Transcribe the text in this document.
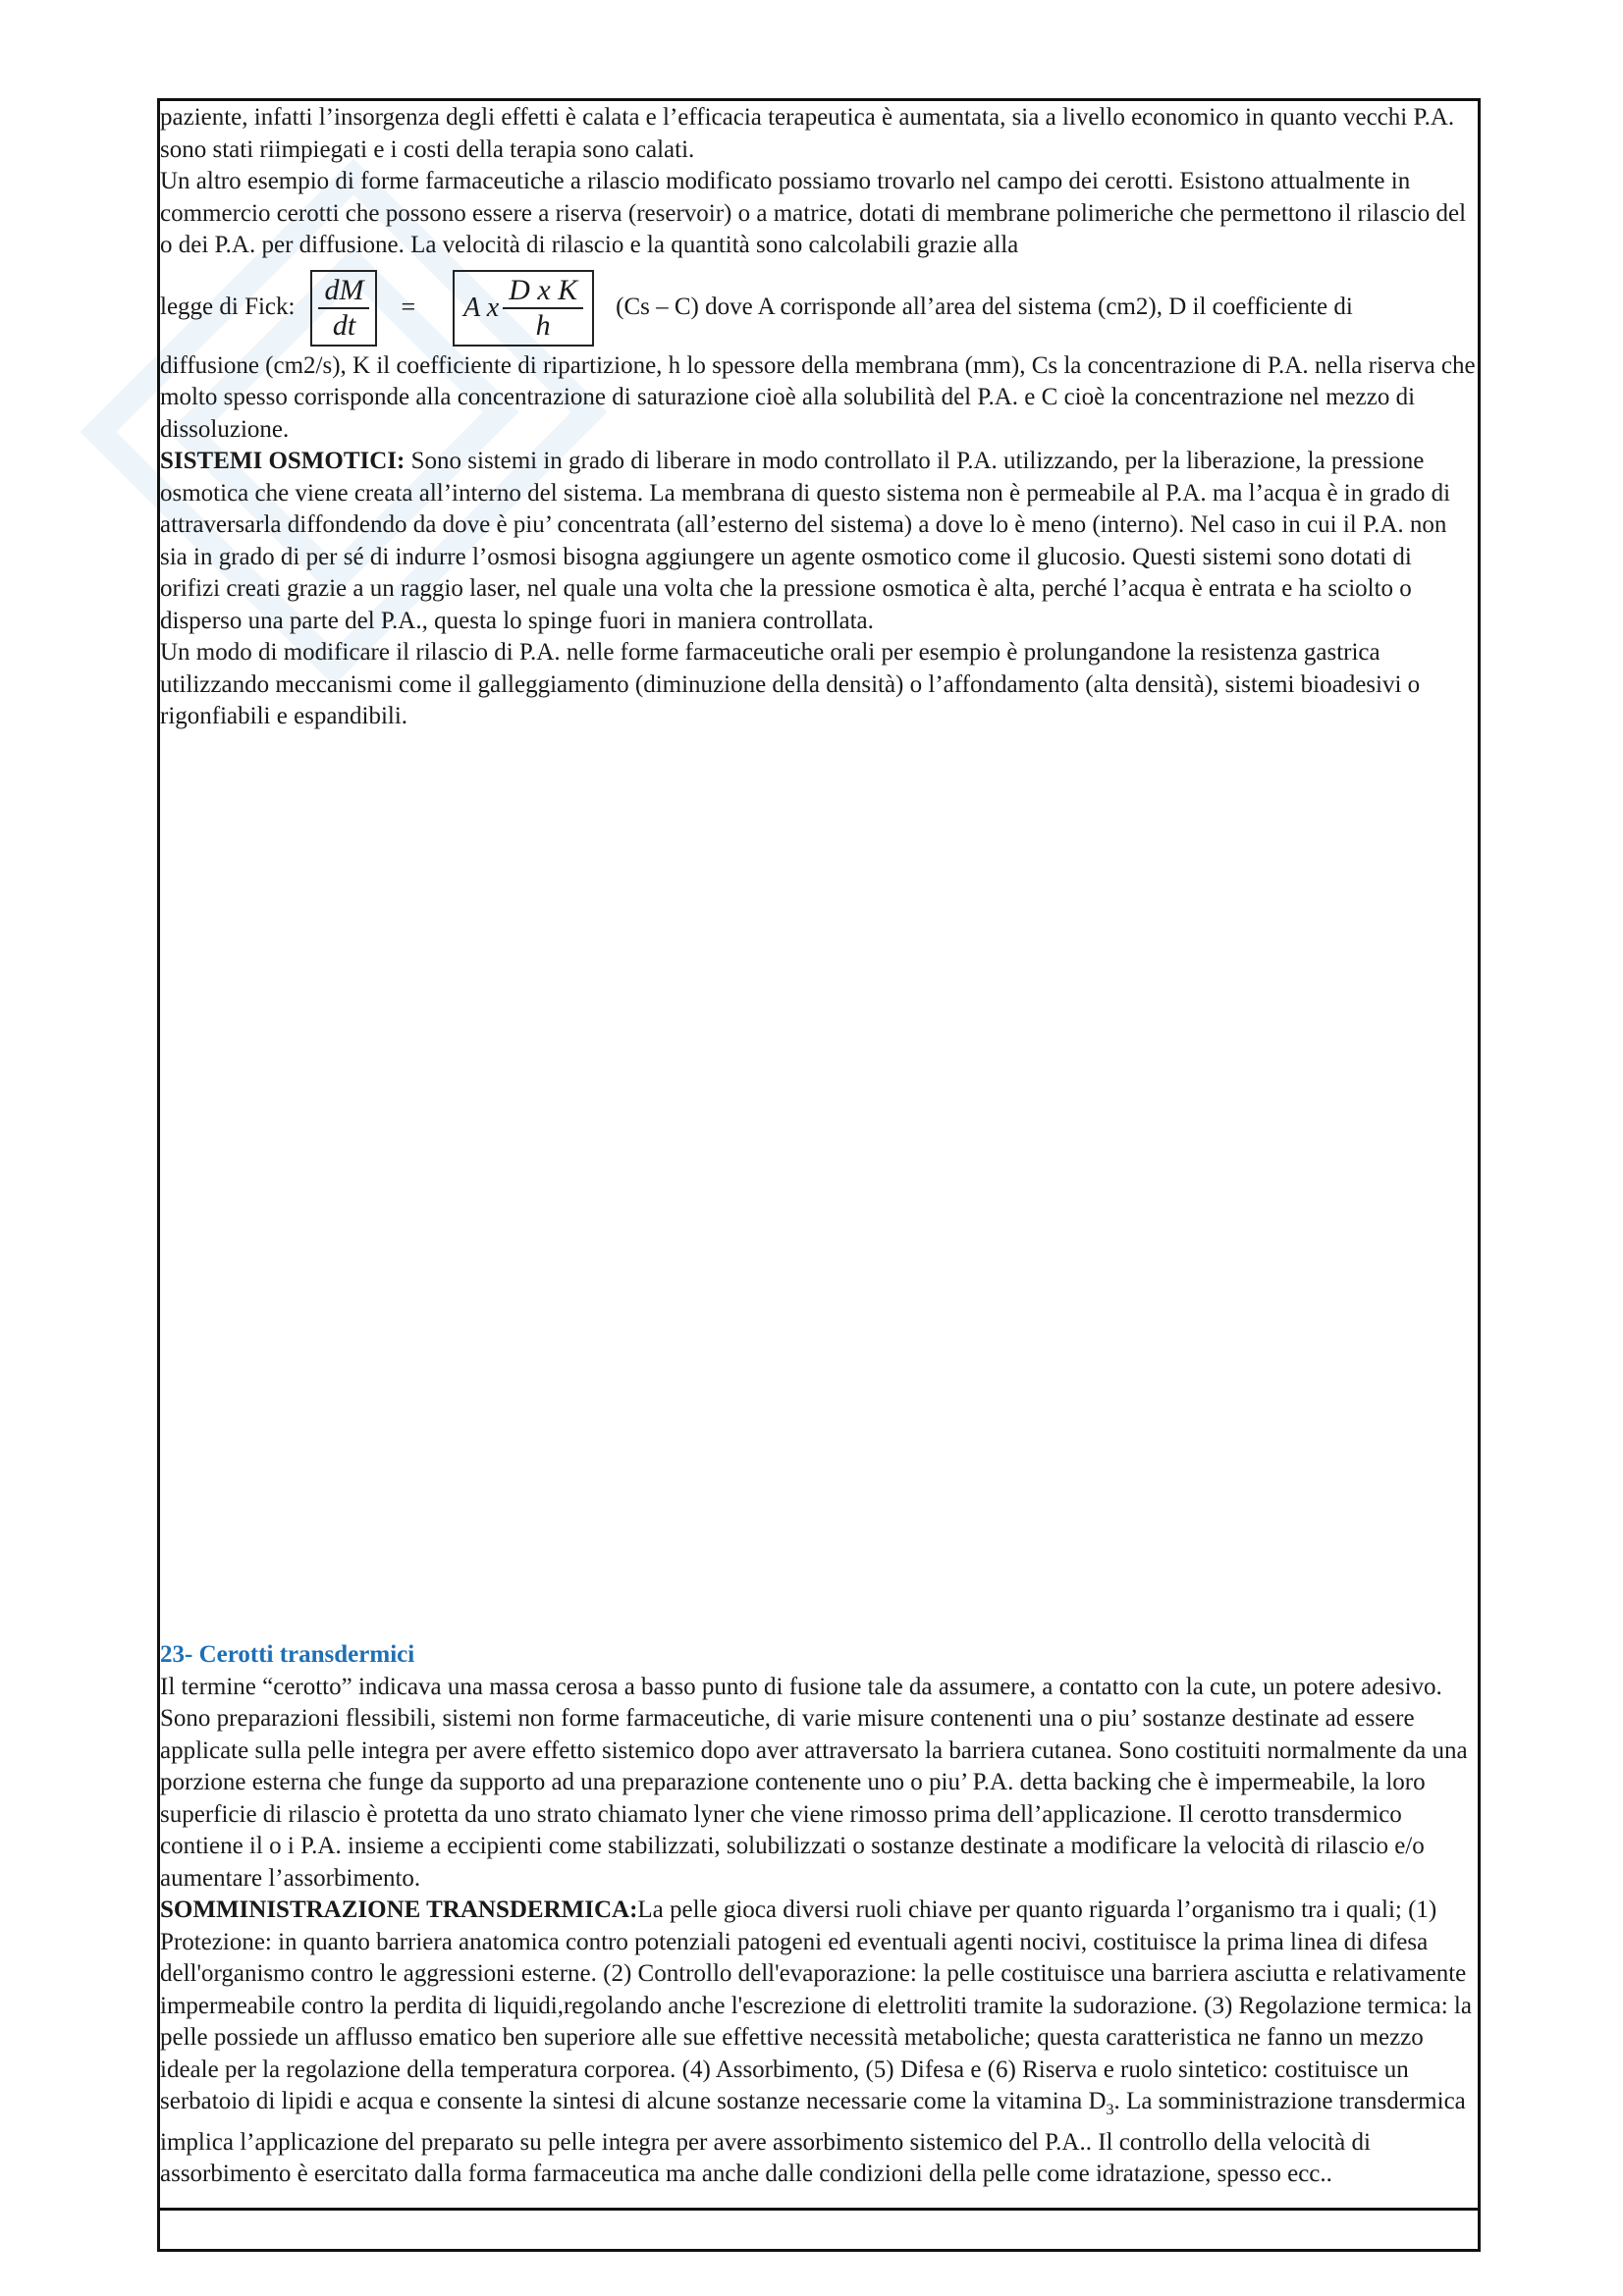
paziente, infatti l’insorgenza degli effetti è calata e l’efficacia terapeutica è aumentata, sia a livello economico in quanto vecchi P.A. sono stati riimpiegati e i costi della terapia sono calati.

Un altro esempio di forme farmaceutiche a rilascio modificato possiamo trovarlo nel campo dei cerotti. Esistono attualmente in commercio cerotti che possono essere a riserva (reservoir) o a matrice, dotati di membrane polimeriche che permettono il rilascio del o dei P.A. per diffusione. La velocità di rilascio e la quantità sono calcolabili grazie alla

legge di Fick: $\frac{dM}{dt} = A$ x $\frac{\text{D x K}}{h} (Cs - C)$ dove A corrisponde all’area del sistema (cm2), D il coefficiente di

diffusione (cm2/s), K il coefficiente di ripartizione, h lo spessore della membrana (mm), Cs la concentrazione di P.A. nella riserva che molto spesso corrisponde alla concentrazione di saturazione cioè alla solubilità del P.A. e C cioè la concentrazione nel mezzo di dissoluzione.

SISTEMI OSMOTICI: Sono sistemi in grado di liberare in modo controllato il P.A. utilizzando, per la liberazione, la pressione osmotica che viene creata all’interno del sistema. La membrana di questo sistema non è permeabile al P.A. ma l’acqua è in grado di attraversarla diffondendo da dove è piu’ concentrata (all’esterno del sistema) a dove lo è meno (interno). Nel caso in cui il P.A. non sia in grado di per sé di indurre l’osmosi bisogna aggiungere un agente osmotico come il glucosio. Questi sistemi sono dotati di orifizi creati grazie a un raggio laser, nel quale una volta che la pressione osmotica è alta, perché l’acqua è entrata e ha sciolto o disperso una parte del P.A., questa lo spinge fuori in maniera controllata.

Un modo di modificare il rilascio di P.A. nelle forme farmaceutiche orali per esempio è prolungandone la resistenza gastrica utilizzando meccanismi come il galleggiamento (diminuzione della densità) o l’affondamento (alta densità), sistemi bioadesivi o rigonfiabili e espandibili.

23- Cerotti transdermici

Il termine “cerotto” indicava una massa cerosa a basso punto di fusione tale da assumere, a contatto con la cute, un potere adesivo. Sono preparazioni flessibili, sistemi non forme farmaceutiche, di varie misure contenenti una o piu’ sostanze destinate ad essere applicate sulla pelle integra per avere effetto sistemico dopo aver attraversato la barriera cutanea. Sono costituiti normalmente da una porzione esterna che funge da supporto ad una preparazione contenente uno o piu’ P.A. detta backing che è impermeabile, la loro superficie di rilascio è protetta da uno strato chiamato lyner che viene rimosso prima dell’applicazione. Il cerotto transdermico contiene il o i P.A. insieme a eccipienti come stabilizzati, solubilizzati o sostanze destinate a modificare la velocità di rilascio e/o aumentare l’assorbimento.

SOMMINISTRAZIONE TRANSDERMICA:La pelle gioca diversi ruoli chiave per quanto riguarda l’organismo tra i quali; (1) Protezione: in quanto barriera anatomica contro potenziali patogeni ed eventuali agenti nocivi, costituisce la prima linea di difesa dell'organismo contro le aggressioni esterne. (2) Controllo dell'evaporazione: la pelle costituisce una barriera asciutta e relativamente impermeabile contro la perdita di liquidi,regolando anche l'escrezione di elettroliti tramite la sudorazione. (3) Regolazione termica: la pelle possiede un afflusso ematico ben superiore alle sue effettive necessità metaboliche; questa caratteristica ne fanno un mezzo ideale per la regolazione della temperatura corporea. (4) Assorbimento, (5) Difesa e (6) Riserva e ruolo sintetico: costituisce un serbatoio di lipidi e acqua e consente la sintesi di alcune sostanze necessarie come la vitamina $D_3$. La somministrazione transdermica implica l’applicazione del preparato su pelle integra per avere assorbimento sistemico del P.A.. Il controllo della velocità di assorbimento è esercitato dalla forma farmaceutica ma anche dalle condizioni della pelle come idratazione, spesso ecc..
